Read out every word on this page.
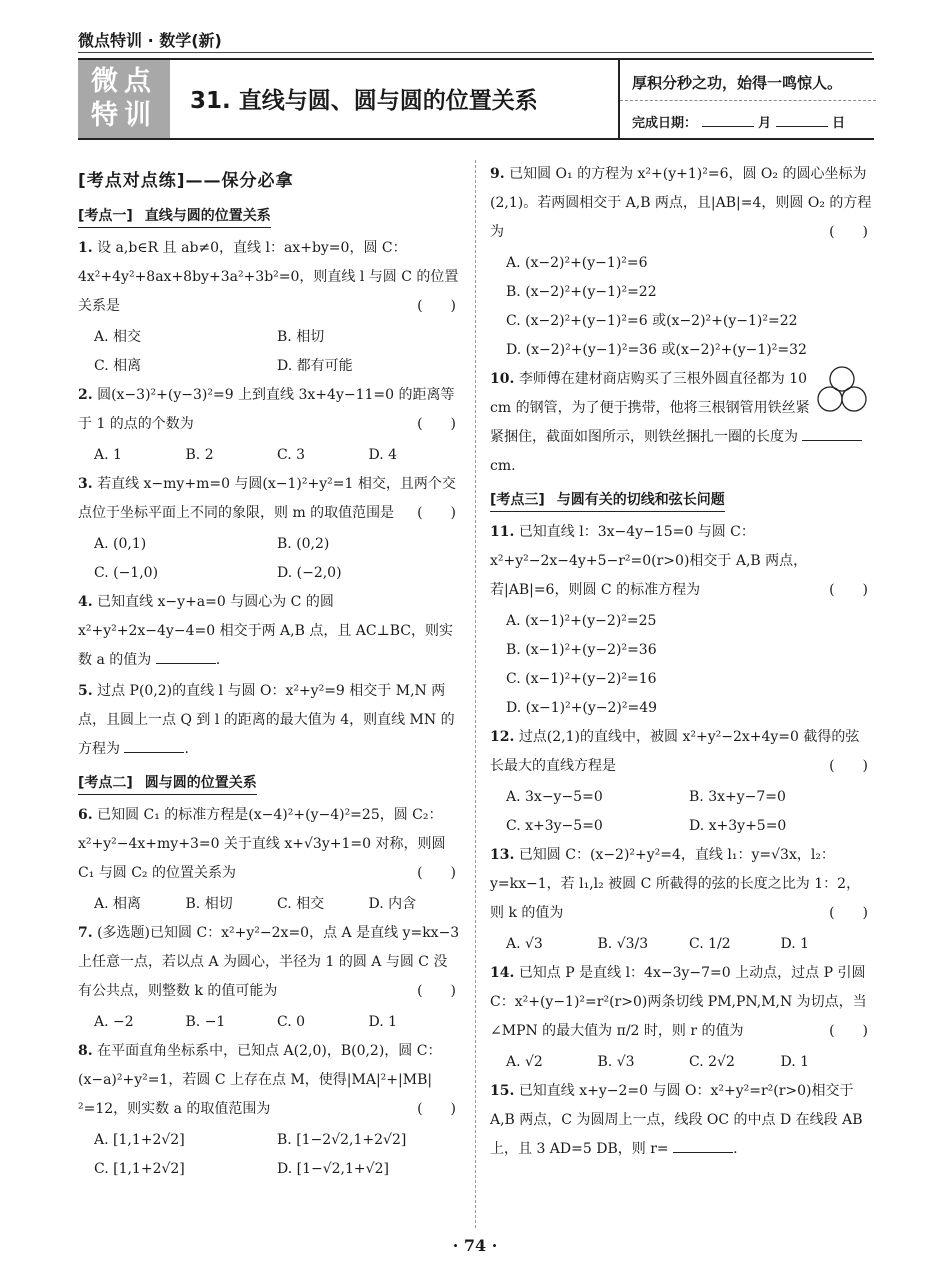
微点特训 · 数学(新)
微点
特训	31. 直线与圆、圆与圆的位置关系
厚积分秒之功，始得一鸣惊人。
完成日期：	月	日
[考点对点练]——保分必拿
[考点一] 直线与圆的位置关系
1. 设 a,b∈R 且 ab≠0，直线 l：ax+by=0，圆 C：4x²+4y²+8ax+8by+3a²+3b²=0，则直线 l 与圆 C 的位置关系是	(　　)
A. 相交	B. 相切
C. 相离	D. 都有可能
2. 圆(x−3)²+(y−3)²=9 上到直线 3x+4y−11=0 的距离等于 1 的点的个数为	(　　)
A. 1	B. 2	C. 3	D. 4
3. 若直线 x−my+m=0 与圆(x−1)²+y²=1 相交，且两个交点位于坐标平面上不同的象限，则 m 的取值范围是 (　　)
A. (0,1)	B. (0,2)
C. (−1,0)	D. (−2,0)
4. 已知直线 x−y+a=0 与圆心为 C 的圆 x²+y²+2x−4y−4=0 相交于两 A,B 点，且 AC⊥BC，则实数 a 的值为	.
5. 过点 P(0,2)的直线 l 与圆 O：x²+y²=9 相交于 M,N 两点，且圆上一点 Q 到 l 的距离的最大值为 4，则直线 MN 的方程为	.
[考点二] 圆与圆的位置关系
6. 已知圆 C₁ 的标准方程是(x−4)²+(y−4)²=25，圆 C₂：x²+y²−4x+my+3=0 关于直线 x+√3y+1=0 对称，则圆 C₁ 与圆 C₂ 的位置关系为	(　　)
A. 相离	B. 相切	C. 相交	D. 内含
7. (多选题)已知圆 C：x²+y²−2x=0，点 A 是直线 y=kx−3 上任意一点，若以点 A 为圆心，半径为 1 的圆 A 与圆 C 没有公共点，则整数 k 的值可能为	(　　)
A. −2	B. −1	C. 0	D. 1
8. 在平面直角坐标系中，已知点 A(2,0)，B(0,2)，圆 C：(x−a)²+y²=1，若圆 C 上存在点 M，使得|MA|²+|MB|²=12，则实数 a 的取值范围为	(　　)
A. [1,1+2√2]	B. [1−2√2,1+2√2]
C. [1,1+2√2]	D. [1−√2,1+√2]
9. 已知圆 O₁ 的方程为 x²+(y+1)²=6，圆 O₂ 的圆心坐标为(2,1)。若两圆相交于 A,B 两点，且|AB|=4，则圆 O₂ 的方程为	(　　)
A. (x−2)²+(y−1)²=6
B. (x−2)²+(y−1)²=22
C. (x−2)²+(y−1)²=6 或(x−2)²+(y−1)²=22
D. (x−2)²+(y−1)²=36 或(x−2)²+(y−1)²=32
10. 李师傅在建材商店购买了三根外圆直径都为 10 cm 的钢管，为了便于携带，他将三根钢管用铁丝紧紧捆住，截面如图所示，则铁丝捆扎一圈的长度为 cm.
[考点三] 与圆有关的切线和弦长问题
11. 已知直线 l：3x−4y−15=0 与圆 C：x²+y²−2x−4y+5−r²=0(r>0)相交于 A,B 两点，若|AB|=6，则圆 C 的标准方程为	(　　)
A. (x−1)²+(y−2)²=25
B. (x−1)²+(y−2)²=36
C. (x−1)²+(y−2)²=16
D. (x−1)²+(y−2)²=49
12. 过点(2,1)的直线中，被圆 x²+y²−2x+4y=0 截得的弦长最大的直线方程是	(　　)
A. 3x−y−5=0	B. 3x+y−7=0
C. x+3y−5=0	D. x+3y+5=0
13. 已知圆 C：(x−2)²+y²=4，直线 l₁：y=√3x，l₂：y=kx−1，若 l₁,l₂ 被圆 C 所截得的弦的长度之比为 1：2，则 k 的值为	(　　)
A. √3	B. √3/3	C. 1/2	D. 1
14. 已知点 P 是直线 l：4x−3y−7=0 上动点，过点 P 引圆 C：x²+(y−1)²=r²(r>0)两条切线 PM,PN,M,N 为切点，当∠MPN 的最大值为 π/2 时，则 r 的值为	(　　)
A. √2	B. √3	C. 2√2	D. 1
15. 已知直线 x+y−2=0 与圆 O：x²+y²=r²(r>0)相交于 A,B 两点，C 为圆周上一点，线段 OC 的中点 D 在线段 AB 上，且 3 AD=5 DB，则 r=	.
· 74 ·
